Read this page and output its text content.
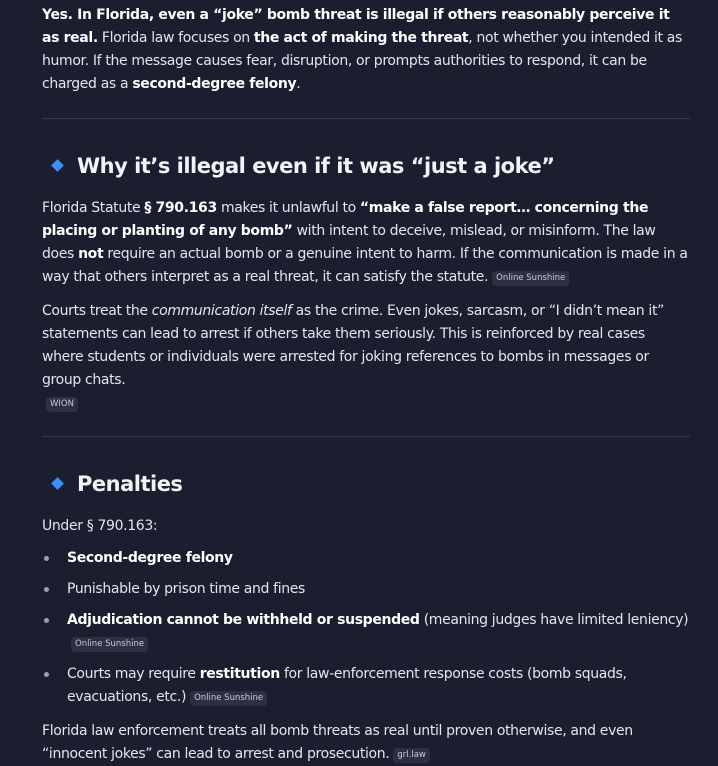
Yes. In Florida, even a “joke” bomb threat is illegal if others reasonably perceive it as real. Florida law focuses on the act of making the threat, not whether you intended it as humor. If the message causes fear, disruption, or prompts authorities to respond, it can be charged as a second-degree felony.

Why it’s illegal even if it was “just a joke”

Florida Statute § 790.163 makes it unlawful to “make a false report… concerning the placing or planting of any bomb” with intent to deceive, mislead, or misinform. The law does not require an actual bomb or a genuine intent to harm. If the communication is made in a way that others interpret as a real threat, it can satisfy the statute. Online Sunshine

Courts treat the communication itself as the crime. Even jokes, sarcasm, or “I didn’t mean it” statements can lead to arrest if others take them seriously. This is reinforced by real cases where students or individuals were arrested for joking references to bombs in messages or group chats.
WION

Penalties

Under § 790.163:

Second-degree felony
Punishable by prison time and fines
Adjudication cannot be withheld or suspended (meaning judges have limited leniency)
Online Sunshine
Courts may require restitution for law-enforcement response costs (bomb squads, evacuations, etc.) Online Sunshine

Florida law enforcement treats all bomb threats as real until proven otherwise, and even “innocent jokes” can lead to arrest and prosecution. grl.law
